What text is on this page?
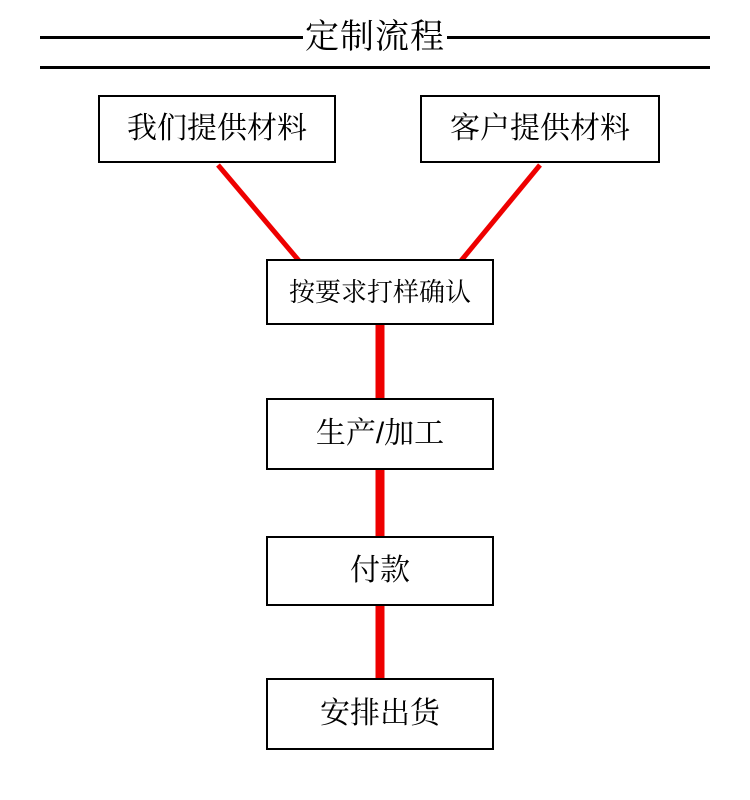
定制流程
我们提供材料	客户提供材料
按要求打样确认
生产/加工
付款
安排出货
